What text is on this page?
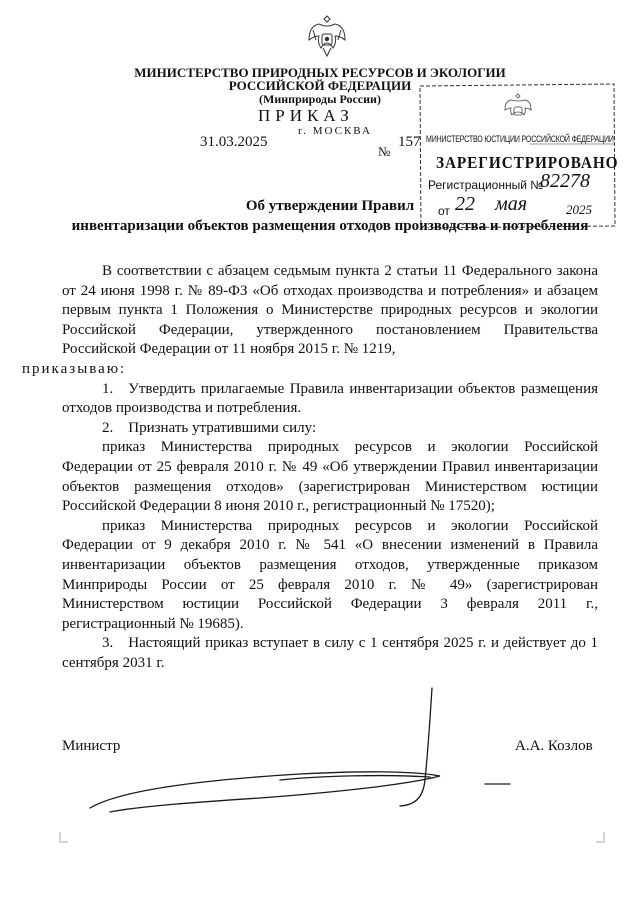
МИНИСТЕРСТВО ПРИРОДНЫХ РЕСУРСОВ И ЭКОЛОГИИ
РОССИЙСКОЙ ФЕДЕРАЦИИ
(Минприроды России)
ПРИКАЗ
г. МОСКВА
31.03.2025
№
157 МИНИСТЕРСТВО ЮСТИЦИИ РОССИЙСКОЙ ФЕДЕРАЦИИ
ЗАРЕГИСТРИРОВАНО
Регистрационный №
82278
от 22 мая	2025
Об утверждении Правил
инвентаризации объектов размещения отходов производства и потребления

В соответствии с абзацем седьмым пункта 2 статьи 11 Федерального закона от 24 июня 1998 г. № 89-ФЗ «Об отходах производства и потребления» и абзацем первым пункта 1 Положения о Министерстве природных ресурсов и экологии Российской Федерации, утвержденного постановлением Правительства Российской Федерации от 11 ноября 2015 г. № 1219,
приказываю:

1. Утвердить прилагаемые Правила инвентаризации объектов размещения отходов производства и потребления.

2. Признать утратившими силу:

приказ Министерства природных ресурсов и экологии Российской Федерации от 25 февраля 2010 г. № 49 «Об утверждении Правил инвентаризации объектов размещения отходов» (зарегистрирован Министерством юстиции Российской Федерации 8 июня 2010 г., регистрационный № 17520);

приказ Министерства природных ресурсов и экологии Российской Федерации от 9 декабря 2010 г. № 541 «О внесении изменений в Правила инвентаризации объектов размещения отходов, утвержденные приказом Минприроды России от 25 февраля 2010 г. № 49» (зарегистрирован Министерством юстиции Российской Федерации 3 февраля 2011 г., регистрационный № 19685).

3. Настоящий приказ вступает в силу с 1 сентября 2025 г. и действует до 1 сентября 2031 г.

Министр	А.А. Козлов
